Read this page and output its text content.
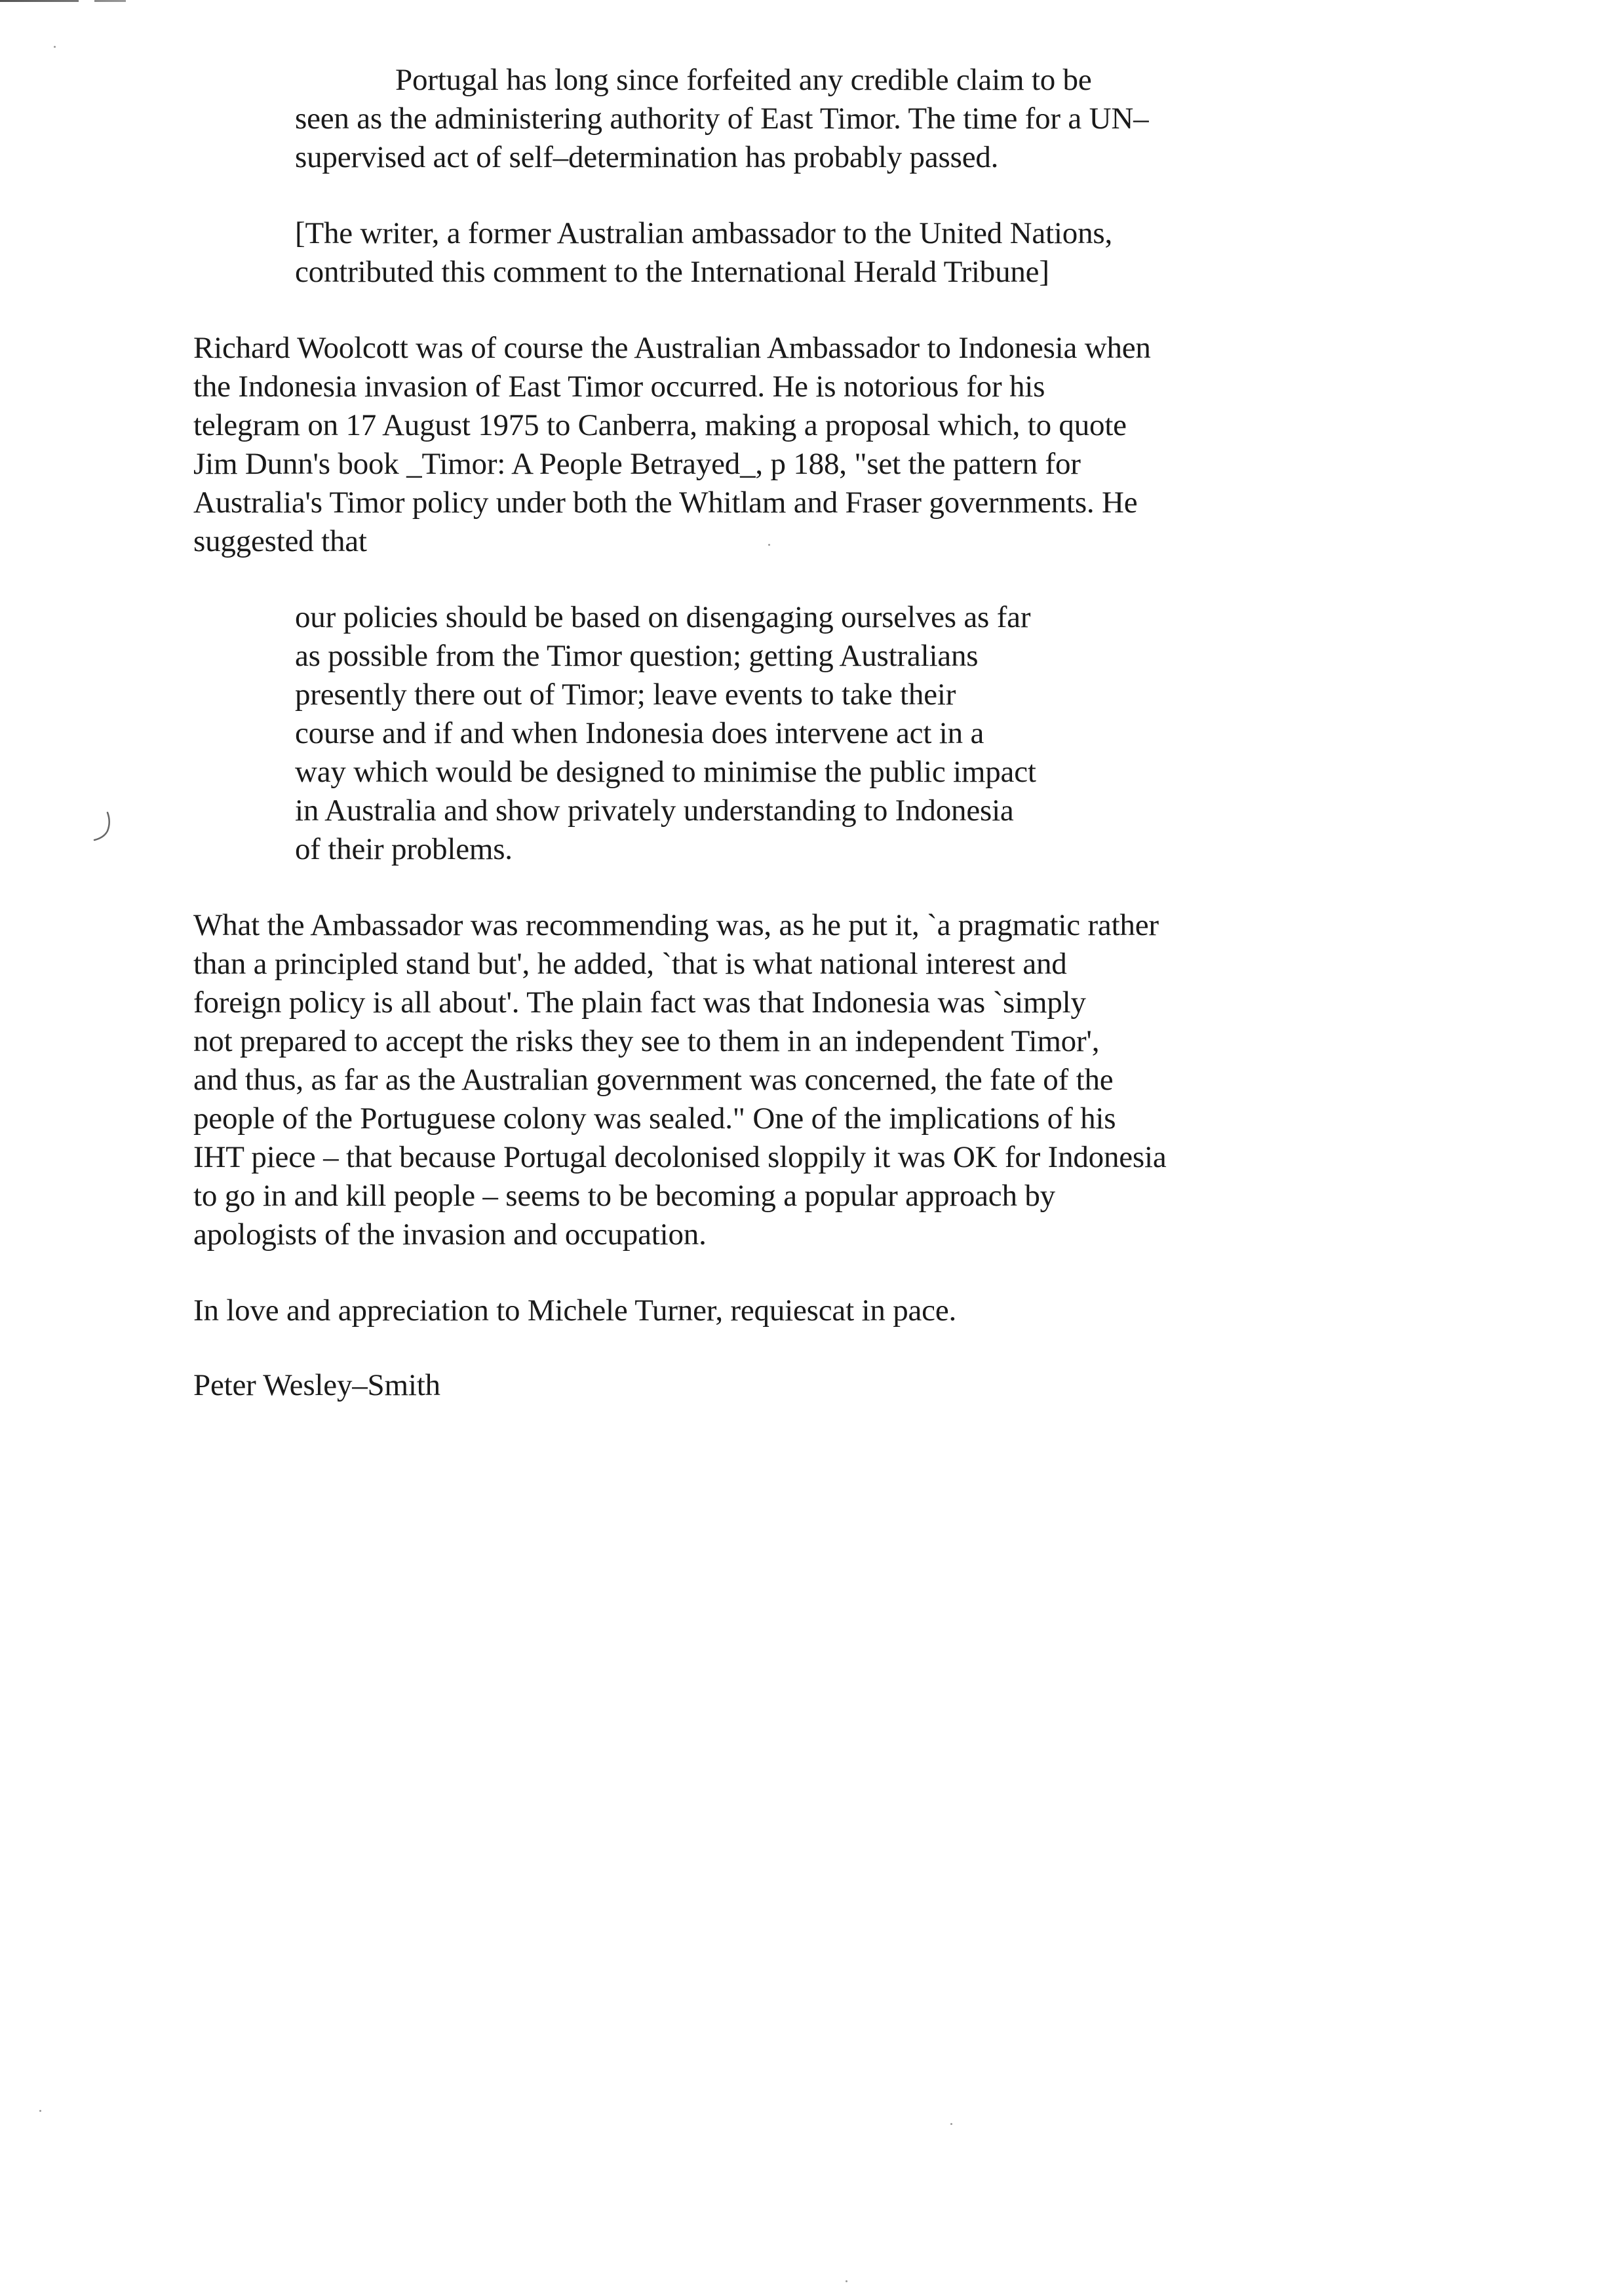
Portugal has long since forfeited any credible claim to be
seen as the administering authority of East Timor. The time for a UN–
supervised act of self–determination has probably passed.
[The writer, a former Australian ambassador to the United Nations,
contributed this comment to the International Herald Tribune]
Richard Woolcott was of course the Australian Ambassador to Indonesia when
the Indonesia invasion of East Timor occurred. He is notorious for his
telegram on 17 August 1975 to Canberra, making a proposal which, to quote
Jim Dunn's book _Timor: A People Betrayed_, p 188, "set the pattern for
Australia's Timor policy under both the Whitlam and Fraser governments. He
suggested that
our policies should be based on disengaging ourselves as far
as possible from the Timor question; getting Australians
presently there out of Timor; leave events to take their
course and if and when Indonesia does intervene act in a
way which would be designed to minimise the public impact
in Australia and show privately understanding to Indonesia
of their problems.
What the Ambassador was recommending was, as he put it, `a pragmatic rather
than a principled stand but', he added, `that is what national interest and
foreign policy is all about'. The plain fact was that Indonesia was `simply
not prepared to accept the risks they see to them in an independent Timor',
and thus, as far as the Australian government was concerned, the fate of the
people of the Portuguese colony was sealed." One of the implications of his
IHT piece – that because Portugal decolonised sloppily it was OK for Indonesia
to go in and kill people – seems to be becoming a popular approach by
apologists of the invasion and occupation.
In love and appreciation to Michele Turner, requiescat in pace.
Peter Wesley–Smith
